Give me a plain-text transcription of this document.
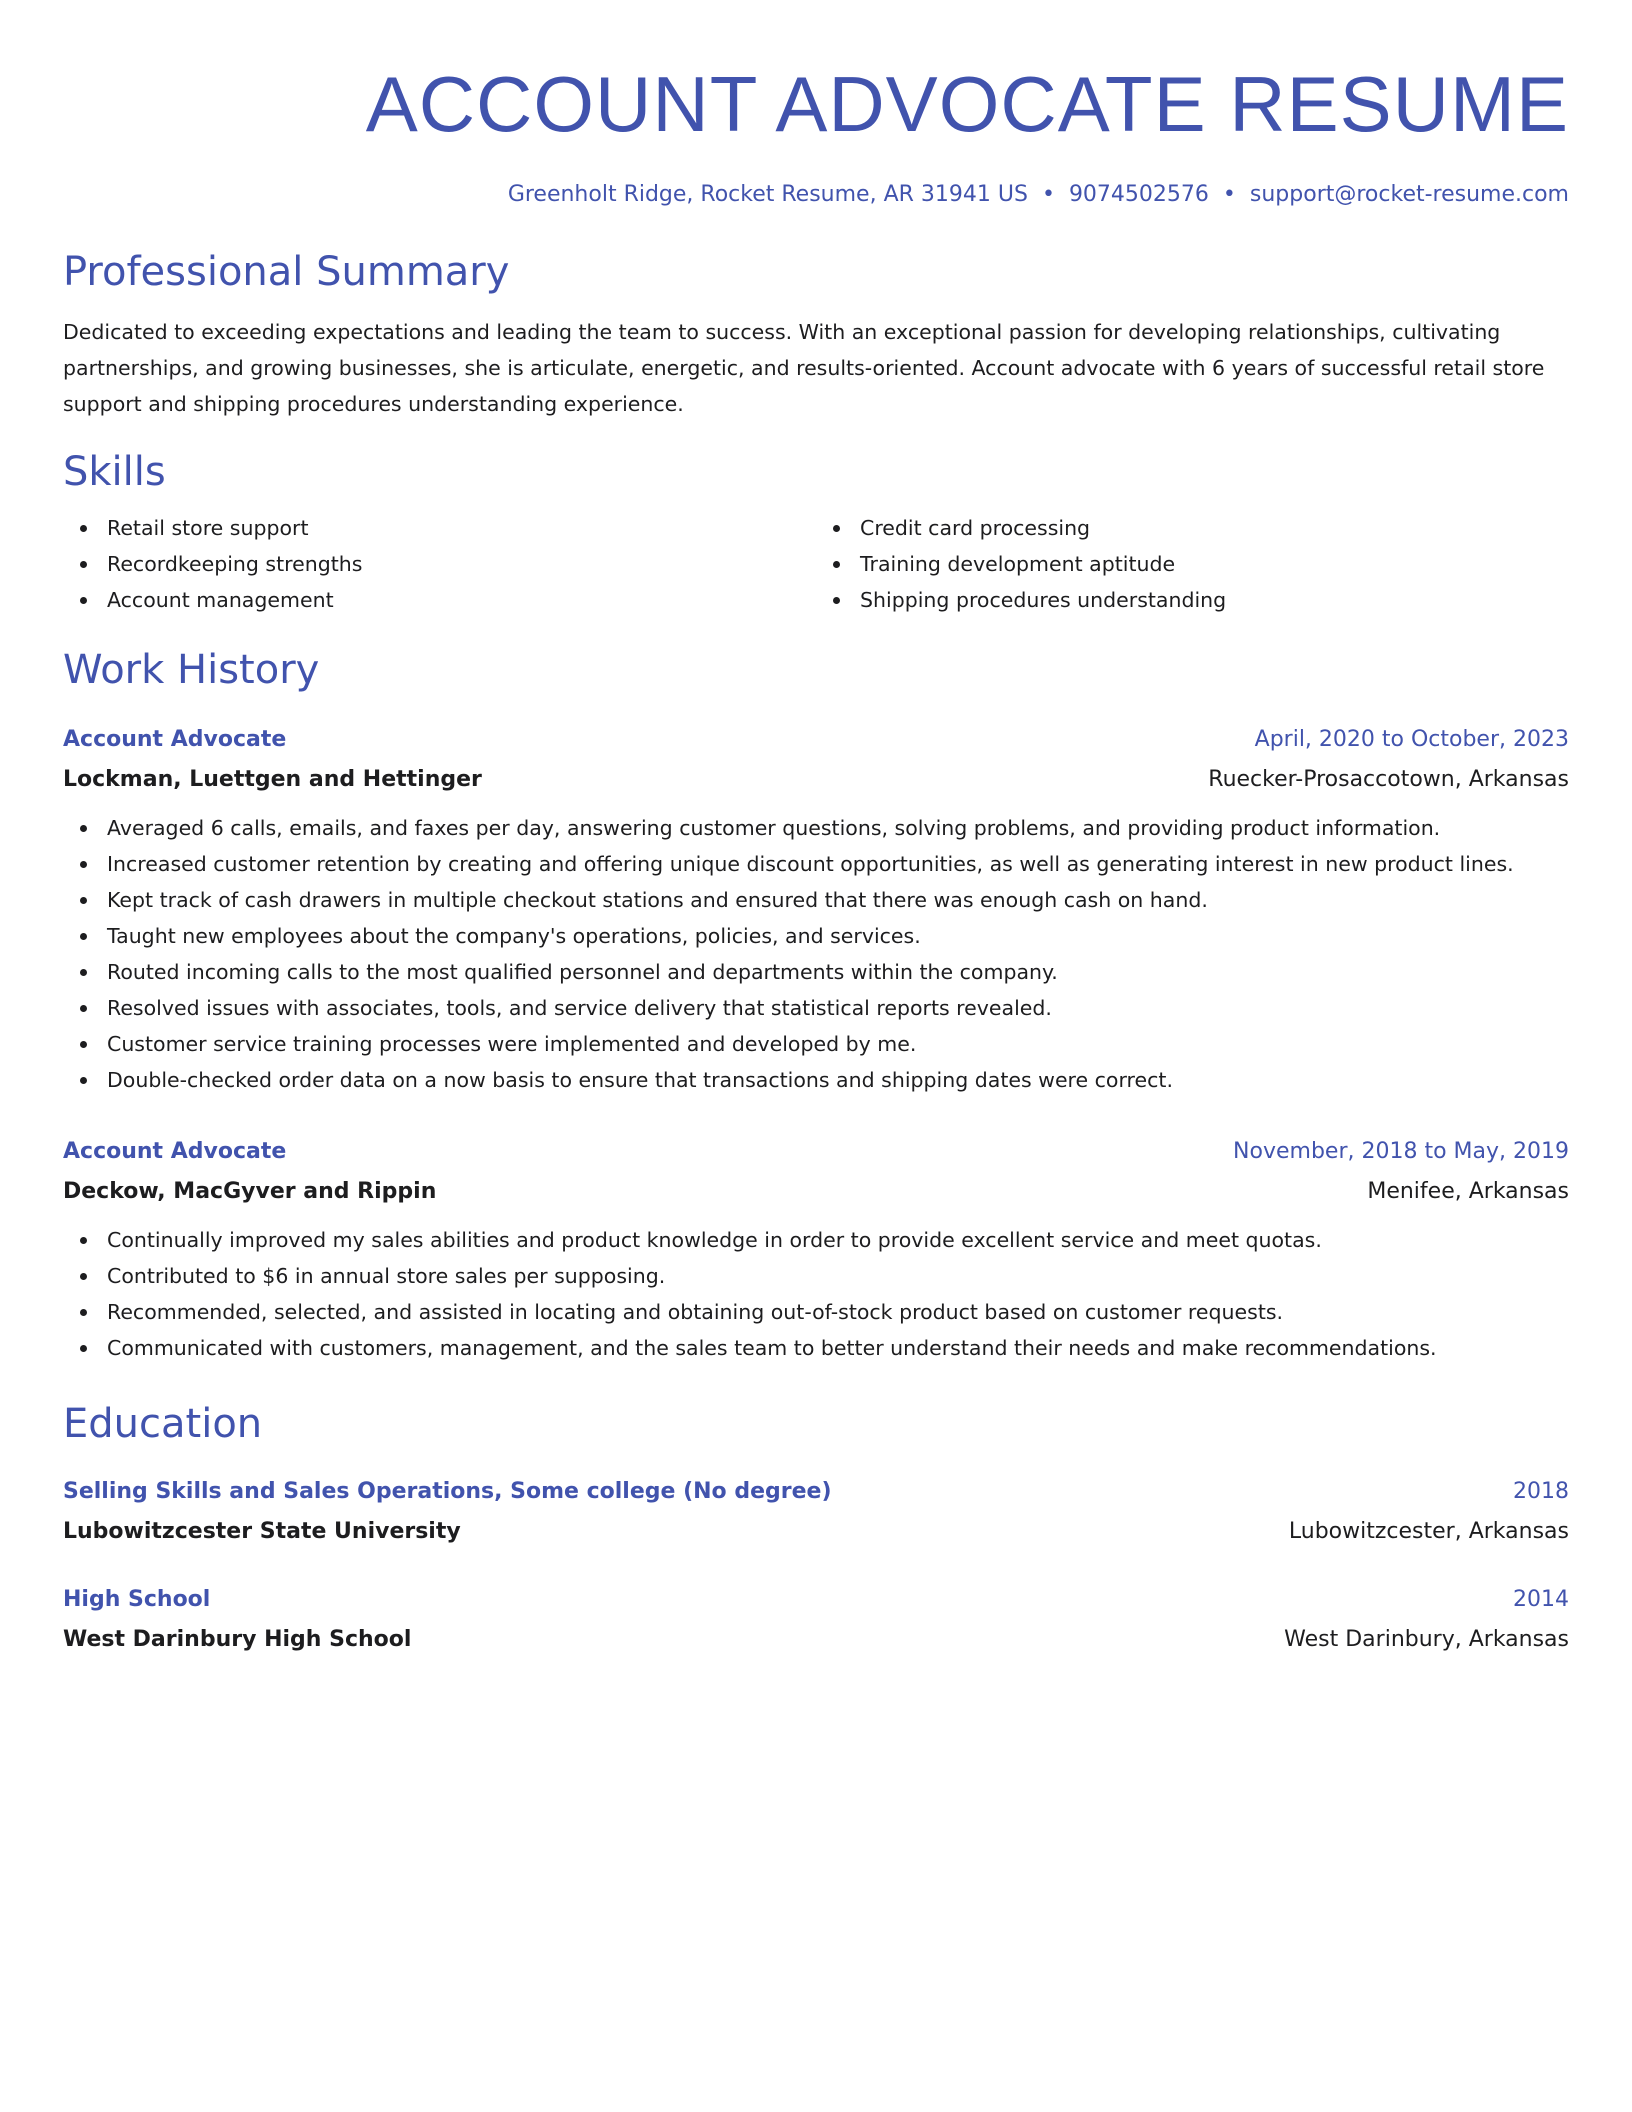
ACCOUNT ADVOCATE RESUME
Greenholt Ridge, Rocket Resume, AR 31941 US • 9074502576 • support@rocket-resume.com
Professional Summary

Dedicated to exceeding expectations and leading the team to success. With an exceptional passion for developing relationships, cultivating partnerships, and growing businesses, she is articulate, energetic, and results-oriented. Account advocate with 6 years of successful retail store support and shipping procedures understanding experience.

Skills
Retail store support
Recordkeeping strengths
Account management
Credit card processing
Training development aptitude
Shipping procedures understanding
Work History
Account Advocate	April, 2020 to October, 2023
Lockman, Luettgen and Hettinger	Ruecker-Prosaccotown, Arkansas
Averaged 6 calls, emails, and faxes per day, answering customer questions, solving problems, and providing product information.
Increased customer retention by creating and offering unique discount opportunities, as well as generating interest in new product lines.
Kept track of cash drawers in multiple checkout stations and ensured that there was enough cash on hand.
Taught new employees about the company's operations, policies, and services.
Routed incoming calls to the most qualified personnel and departments within the company.
Resolved issues with associates, tools, and service delivery that statistical reports revealed.
Customer service training processes were implemented and developed by me.
Double-checked order data on a now basis to ensure that transactions and shipping dates were correct.
Account Advocate	November, 2018 to May, 2019
Deckow, MacGyver and Rippin	Menifee, Arkansas
Continually improved my sales abilities and product knowledge in order to provide excellent service and meet quotas.
Contributed to $6 in annual store sales per supposing.
Recommended, selected, and assisted in locating and obtaining out-of-stock product based on customer requests.
Communicated with customers, management, and the sales team to better understand their needs and make recommendations.
Education
Selling Skills and Sales Operations, Some college (No degree)	2018
Lubowitzcester State University	Lubowitzcester, Arkansas
High School	2014
West Darinbury High School	West Darinbury, Arkansas
